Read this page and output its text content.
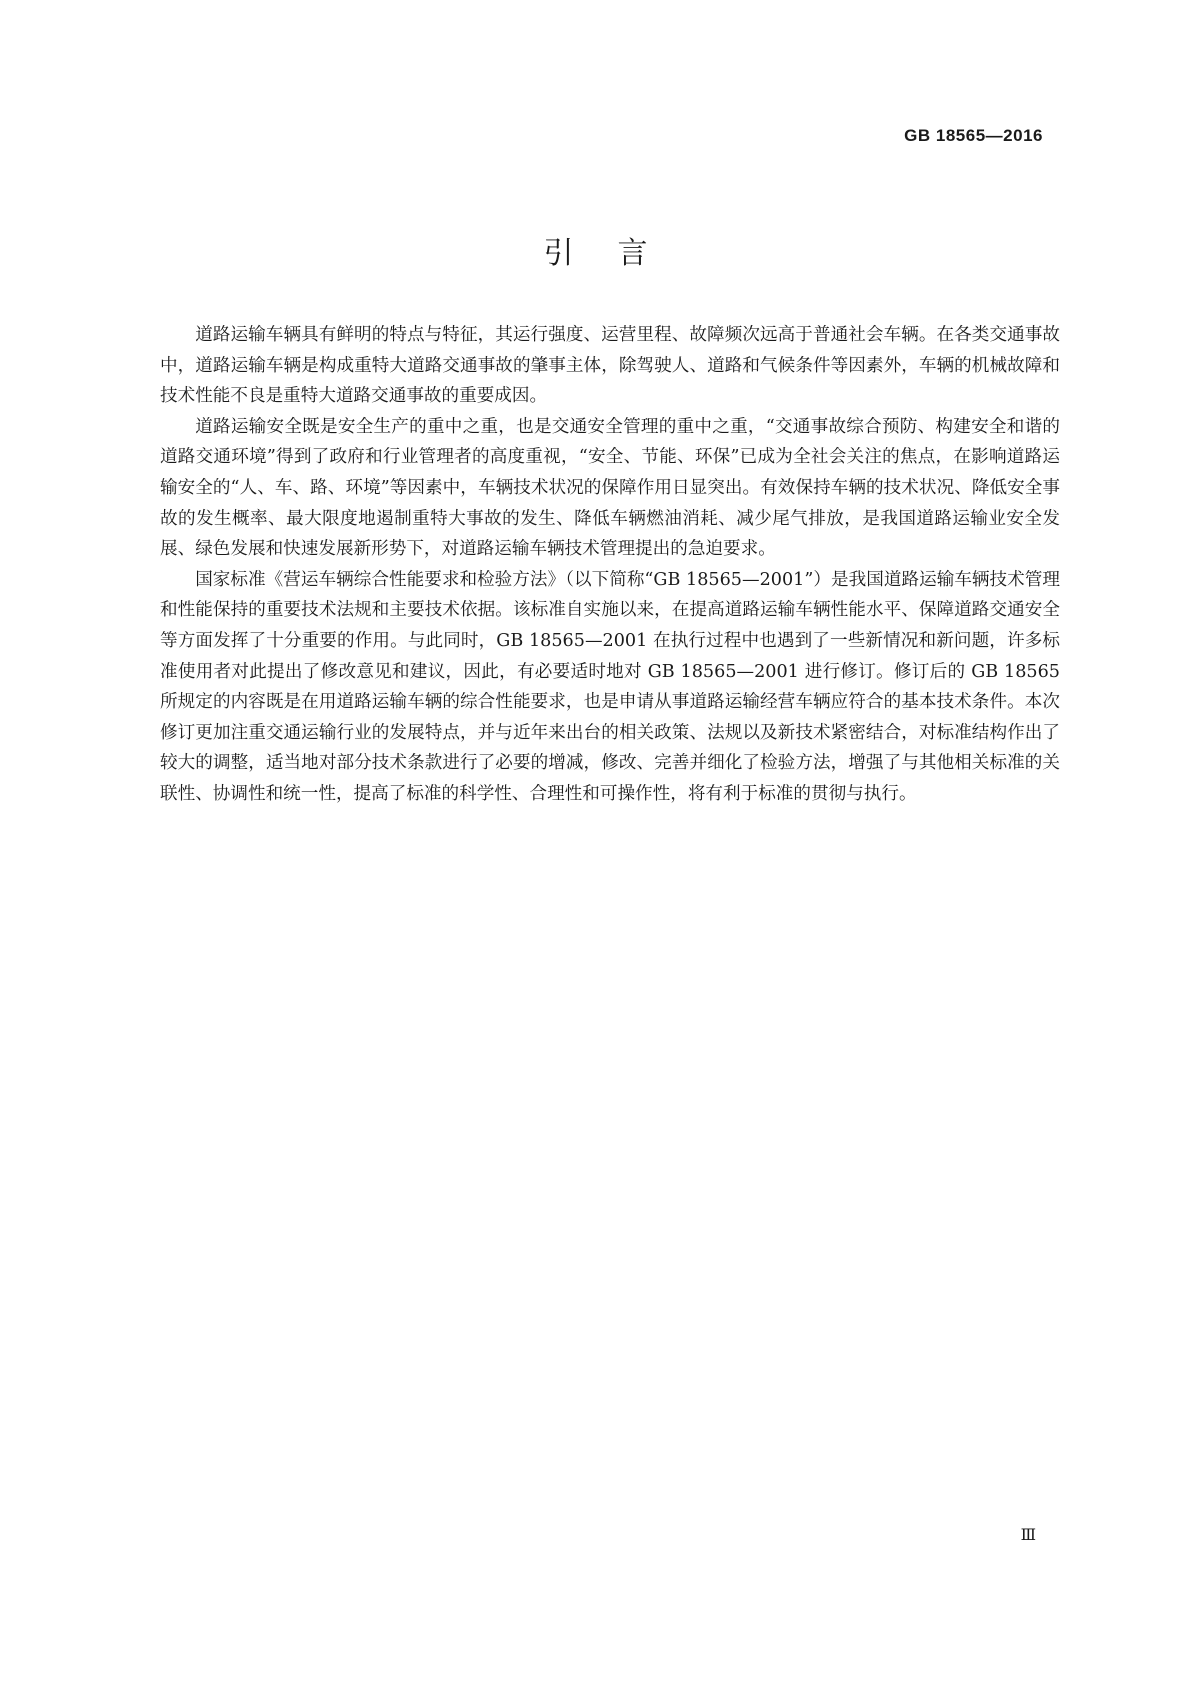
GB 18565—2016
引言

道路运输车辆具有鲜明的特点与特征，其运行强度、运营里程、故障频次远高于普通社会车辆。在各类交通事故中，道路运输车辆是构成重特大道路交通事故的肇事主体，除驾驶人、道路和气候条件等因素外，车辆的机械故障和技术性能不良是重特大道路交通事故的重要成因。

道路运输安全既是安全生产的重中之重，也是交通安全管理的重中之重，“交通事故综合预防、构建安全和谐的道路交通环境”得到了政府和行业管理者的高度重视，“安全、节能、环保”已成为全社会关注的焦点，在影响道路运输安全的“人、车、路、环境”等因素中，车辆技术状况的保障作用日显突出。有效保持车辆的技术状况、降低安全事故的发生概率、最大限度地遏制重特大事故的发生、降低车辆燃油消耗、减少尾气排放，是我国道路运输业安全发展、绿色发展和快速发展新形势下，对道路运输车辆技术管理提出的急迫要求。

国家标准《营运车辆综合性能要求和检验方法》（以下简称“GB 18565—2001”）是我国道路运输车辆技术管理和性能保持的重要技术法规和主要技术依据。该标准自实施以来，在提高道路运输车辆性能水平、保障道路交通安全等方面发挥了十分重要的作用。与此同时，GB 18565—2001 在执行过程中也遇到了一些新情况和新问题，许多标准使用者对此提出了修改意见和建议，因此，有必要适时地对 GB 18565—2001 进行修订。修订后的 GB 18565 所规定的内容既是在用道路运输车辆的综合性能要求，也是申请从事道路运输经营车辆应符合的基本技术条件。本次修订更加注重交通运输行业的发展特点，并与近年来出台的相关政策、法规以及新技术紧密结合，对标准结构作出了较大的调整，适当地对部分技术条款进行了必要的增减，修改、完善并细化了检验方法，增强了与其他相关标准的关联性、协调性和统一性，提高了标准的科学性、合理性和可操作性，将有利于标准的贯彻与执行。

Ⅲ
